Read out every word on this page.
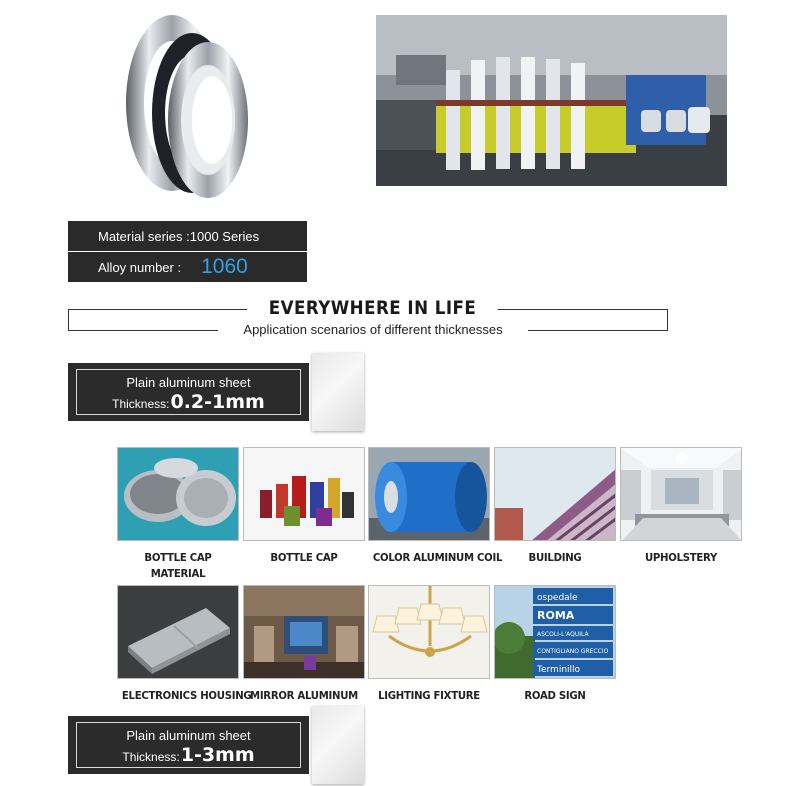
Material series :1000 Series
Alloy number : 1060
EVERYWHERE IN LIFE
Application scenarios of different thicknesses
Plain aluminum sheet
Thickness: 0.2-1mm
BOTTLE CAP
MATERIAL
BOTTLE CAP	COLOR ALUMINUM COIL	BUILDING	UPHOLSTERY
ELECTRONICS HOUSING
MIRROR ALUMINUM	LIGHTING FIXTURE
ospedale
ROMA
ASCOLI-L'AQUILA
CONTIGLIANO GRECCIO
Terminillo
ROAD SIGN
Plain aluminum sheet
Thickness: 1-3mm
